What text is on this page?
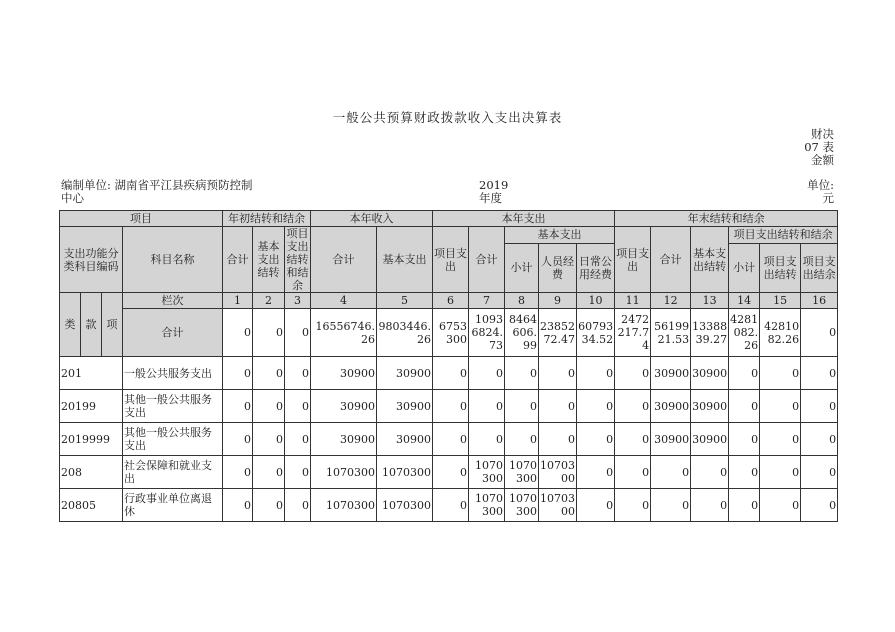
一般公共预算财政拨款收入支出决算表
财决
07 表
金额
编制单位: 湖南省平江县疾病预防控制
中心
2019
年度
单位:
元
项目				年初结转和结余			本年收入		本年支出					年末结转和结余					
支出功能分类科目编码			科目名称	合计	基本支出结转	项目支出结转和结余	合计	基本支出	项目支出	合计	基本支出			项目支出	合计	基本支出结转	项目支出结转和结余		
											小计	人员经费	日常公用经费				小计	项目支出结转	项目支出结余
类	款	项	栏次	1	2	3	4	5	6	7	8	9	10	11	12	13	14	15	16
			合计	0	0	0	16556746.26	9803446.26	6753300	10936824.73	8464606.99	2385272.47	6079334.52	2472217.74	5619921.53	1338839.27	4281082.26	4281082.26	0
201			一般公共服务支出	0	0	0	30900	30900	0	0	0	0	0	0	30900	30900	0	0	0
20199			其他一般公共服务支出	0	0	0	30900	30900	0	0	0	0	0	0	30900	30900	0	0	0
2019999			其他一般公共服务支出	0	0	0	30900	30900	0	0	0	0	0	0	30900	30900	0	0	0
208			社会保障和就业支出	0	0	0	1070300	1070300	0	1070300	1070300	1070300	0	0	0	0	0	0	0
20805			行政事业单位离退休	0	0	0	1070300	1070300	0	1070300	1070300	1070300	0	0	0	0	0	0	0
